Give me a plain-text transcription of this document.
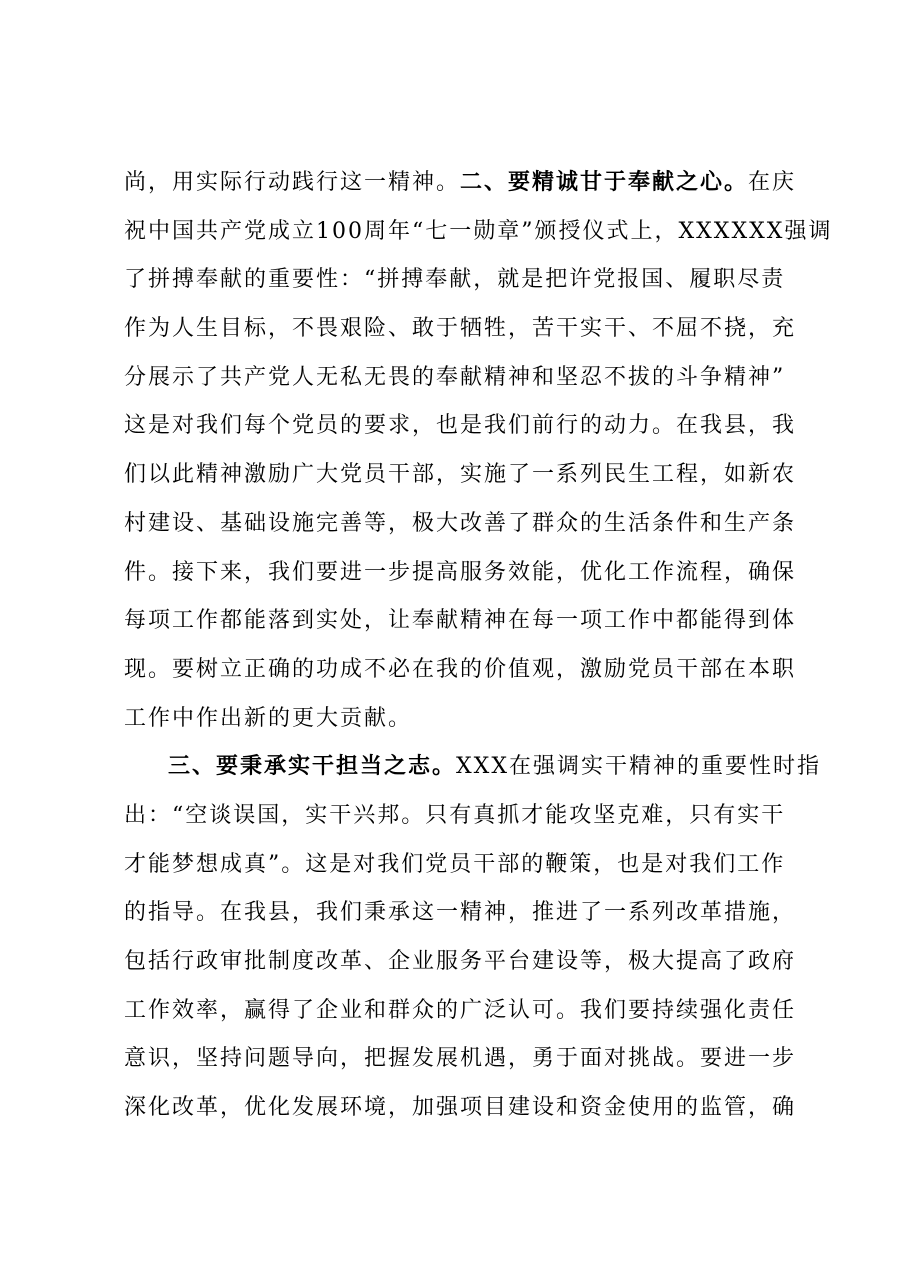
尚，用实际行动践行这一精神。二、要精诚甘于奉献之心。在庆
祝中国共产党成立100周年“七一勋章”颁授仪式上，XXXXXX强调
了拼搏奉献的重要性：“拼搏奉献，就是把许党报国、履职尽责
作为人生目标，不畏艰险、敢于牺牲，苦干实干、不屈不挠，充
分展示了共产党人无私无畏的奉献精神和坚忍不拔的斗争精神”
这是对我们每个党员的要求，也是我们前行的动力。在我县，我
们以此精神激励广大党员干部，实施了一系列民生工程，如新农
村建设、基础设施完善等，极大改善了群众的生活条件和生产条
件。接下来，我们要进一步提高服务效能，优化工作流程，确保
每项工作都能落到实处，让奉献精神在每一项工作中都能得到体
现。要树立正确的功成不必在我的价值观，激励党员干部在本职
工作中作出新的更大贡献。
三、要秉承实干担当之志。XXX在强调实干精神的重要性时指
出：“空谈误国，实干兴邦。只有真抓才能攻坚克难，只有实干
才能梦想成真”。这是对我们党员干部的鞭策，也是对我们工作
的指导。在我县，我们秉承这一精神，推进了一系列改革措施，
包括行政审批制度改革、企业服务平台建设等，极大提高了政府
工作效率，赢得了企业和群众的广泛认可。我们要持续强化责任
意识，坚持问题导向，把握发展机遇，勇于面对挑战。要进一步
深化改革，优化发展环境，加强项目建设和资金使用的监管，确
